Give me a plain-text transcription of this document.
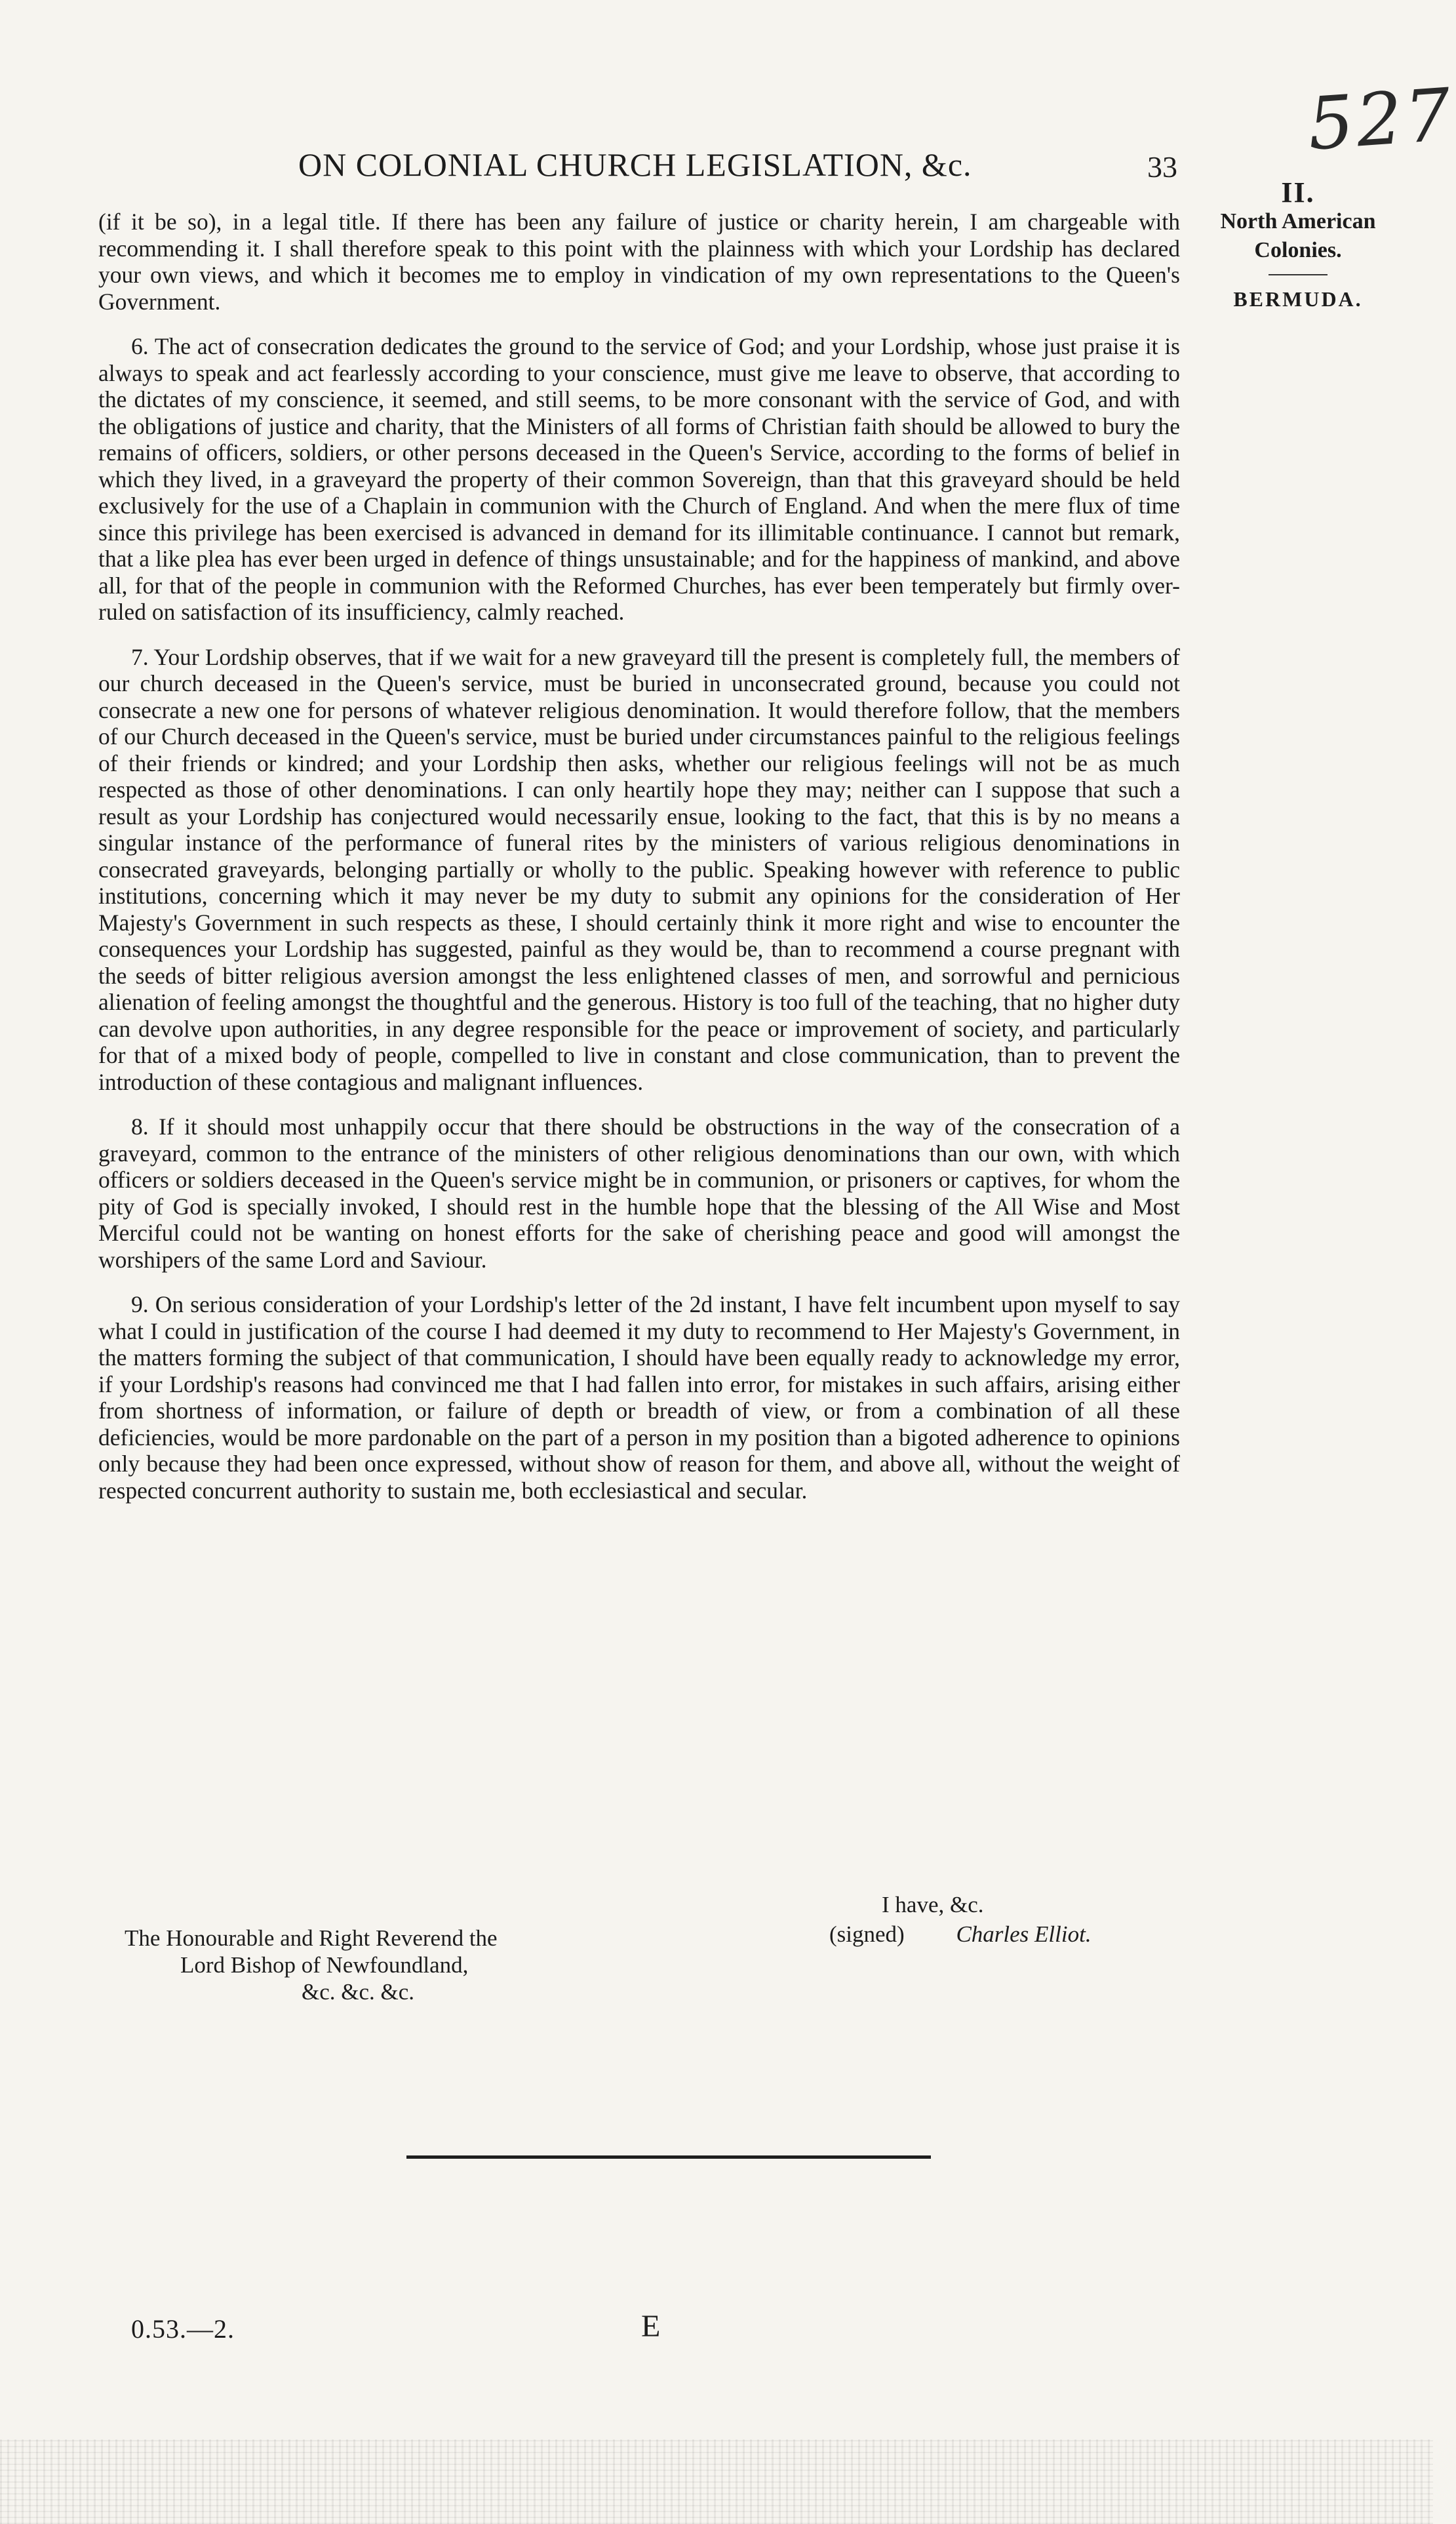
527
ON COLONIAL CHURCH LEGISLATION, &c.	33
II.
North American
Colonies.
BERMUDA.

(if it be so), in a legal title. If there has been any failure of justice or charity herein, I am chargeable with recommending it. I shall therefore speak to this point with the plainness with which your Lordship has declared your own views, and which it becomes me to employ in vindication of my own representations to the Queen's Government.

6. The act of consecration dedicates the ground to the service of God; and your Lordship, whose just praise it is always to speak and act fearlessly according to your conscience, must give me leave to observe, that according to the dictates of my conscience, it seemed, and still seems, to be more consonant with the service of God, and with the obligations of justice and charity, that the Ministers of all forms of Christian faith should be allowed to bury the remains of officers, soldiers, or other persons deceased in the Queen's Service, according to the forms of belief in which they lived, in a graveyard the property of their common Sovereign, than that this graveyard should be held exclusively for the use of a Chaplain in communion with the Church of England. And when the mere flux of time since this privilege has been exercised is advanced in demand for its illimitable continuance. I cannot but remark, that a like plea has ever been urged in defence of things unsustainable; and for the happiness of mankind, and above all, for that of the people in communion with the Reformed Churches, has ever been temperately but firmly over-ruled on satisfaction of its insufficiency, calmly reached.

7. Your Lordship observes, that if we wait for a new graveyard till the present is completely full, the members of our church deceased in the Queen's service, must be buried in unconsecrated ground, because you could not consecrate a new one for persons of whatever religious denomination. It would therefore follow, that the members of our Church deceased in the Queen's service, must be buried under circumstances painful to the religious feelings of their friends or kindred; and your Lordship then asks, whether our religious feelings will not be as much respected as those of other denominations. I can only heartily hope they may; neither can I suppose that such a result as your Lordship has conjectured would necessarily ensue, looking to the fact, that this is by no means a singular instance of the performance of funeral rites by the ministers of various religious denominations in consecrated graveyards, belonging partially or wholly to the public. Speaking however with reference to public institutions, concerning which it may never be my duty to submit any opinions for the consideration of Her Majesty's Government in such respects as these, I should certainly think it more right and wise to encounter the consequences your Lordship has suggested, painful as they would be, than to recommend a course pregnant with the seeds of bitter religious aversion amongst the less enlightened classes of men, and sorrowful and pernicious alienation of feeling amongst the thoughtful and the generous. History is too full of the teaching, that no higher duty can devolve upon authorities, in any degree responsible for the peace or improvement of society, and particularly for that of a mixed body of people, compelled to live in constant and close communication, than to prevent the introduction of these contagious and malignant influences.

8. If it should most unhappily occur that there should be obstructions in the way of the consecration of a graveyard, common to the entrance of the ministers of other religious denominations than our own, with which officers or soldiers deceased in the Queen's service might be in communion, or prisoners or captives, for whom the pity of God is specially invoked, I should rest in the humble hope that the blessing of the All Wise and Most Merciful could not be wanting on honest efforts for the sake of cherishing peace and good will amongst the worshipers of the same Lord and Saviour.

9. On serious consideration of your Lordship's letter of the 2d instant, I have felt incumbent upon myself to say what I could in justification of the course I had deemed it my duty to recommend to Her Majesty's Government, in the matters forming the subject of that communication, I should have been equally ready to acknowledge my error, if your Lordship's reasons had convinced me that I had fallen into error, for mistakes in such affairs, arising either from shortness of information, or failure of depth or breadth of view, or from a combination of all these deficiencies, would be more pardonable on the part of a person in my position than a bigoted adherence to opinions only because they had been once expressed, without show of reason for them, and above all, without the weight of respected concurrent authority to sustain me, both ecclesiastical and secular.

I have, &c.
(signed) Charles Elliot.
The Honourable and Right Reverend the
Lord Bishop of Newfoundland,
&c. &c. &c.
0.53.—2.	E
